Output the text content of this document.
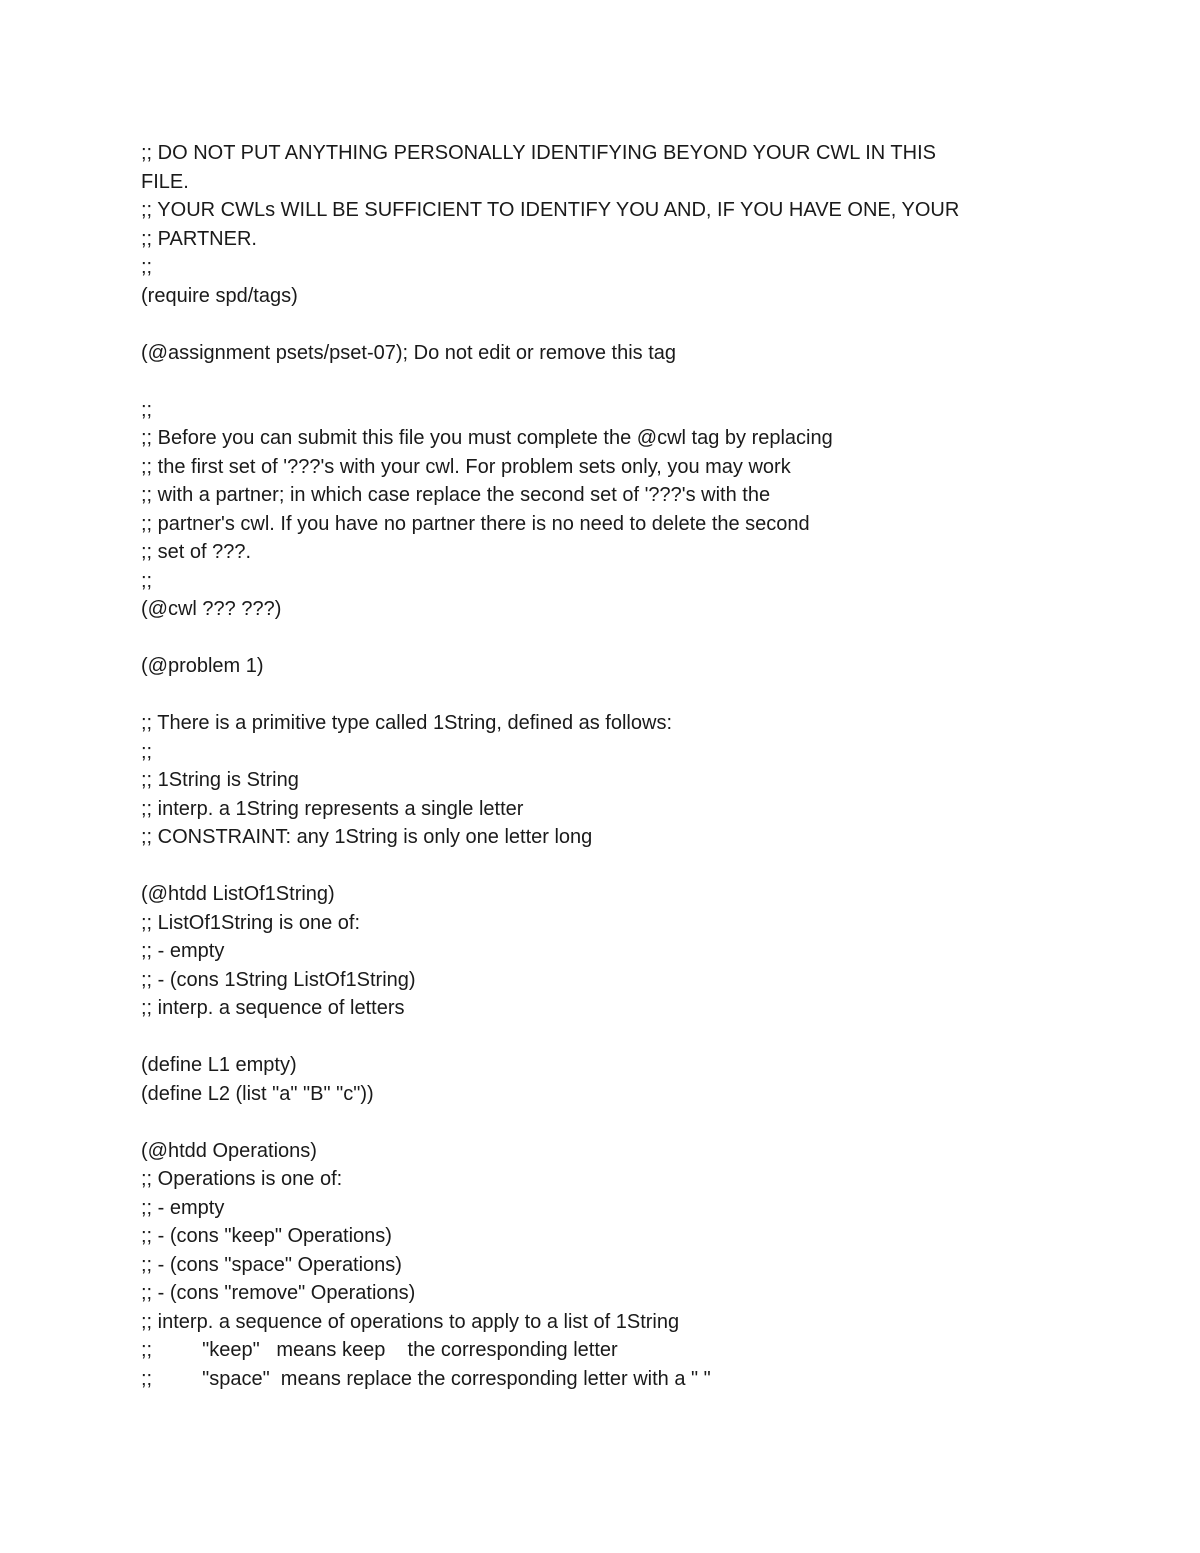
;; DO NOT PUT ANYTHING PERSONALLY IDENTIFYING BEYOND YOUR CWL IN THIS
FILE.
;; YOUR CWLs WILL BE SUFFICIENT TO IDENTIFY YOU AND, IF YOU HAVE ONE, YOUR
;; PARTNER.
;;
(require spd/tags)
(@assignment psets/pset-07); Do not edit or remove this tag
;;
;; Before you can submit this file you must complete the @cwl tag by replacing
;; the first set of '???'s with your cwl. For problem sets only, you may work
;; with a partner; in which case replace the second set of '???'s with the
;; partner's cwl. If you have no partner there is no need to delete the second
;; set of ???.
;;
(@cwl ??? ???)
(@problem 1)
;; There is a primitive type called 1String, defined as follows:
;;
;; 1String is String
;; interp. a 1String represents a single letter
;; CONSTRAINT: any 1String is only one letter long
(@htdd ListOf1String)
;; ListOf1String is one of:
;; - empty
;; - (cons 1String ListOf1String)
;; interp. a sequence of letters
(define L1 empty)
(define L2 (list "a" "B" "c"))
(@htdd Operations)
;; Operations is one of:
;; - empty
;; - (cons "keep" Operations)
;; - (cons "space" Operations)
;; - (cons "remove" Operations)
;; interp. a sequence of operations to apply to a list of 1String
;;         "keep"   means keep    the corresponding letter
;;         "space"  means replace the corresponding letter with a " "
